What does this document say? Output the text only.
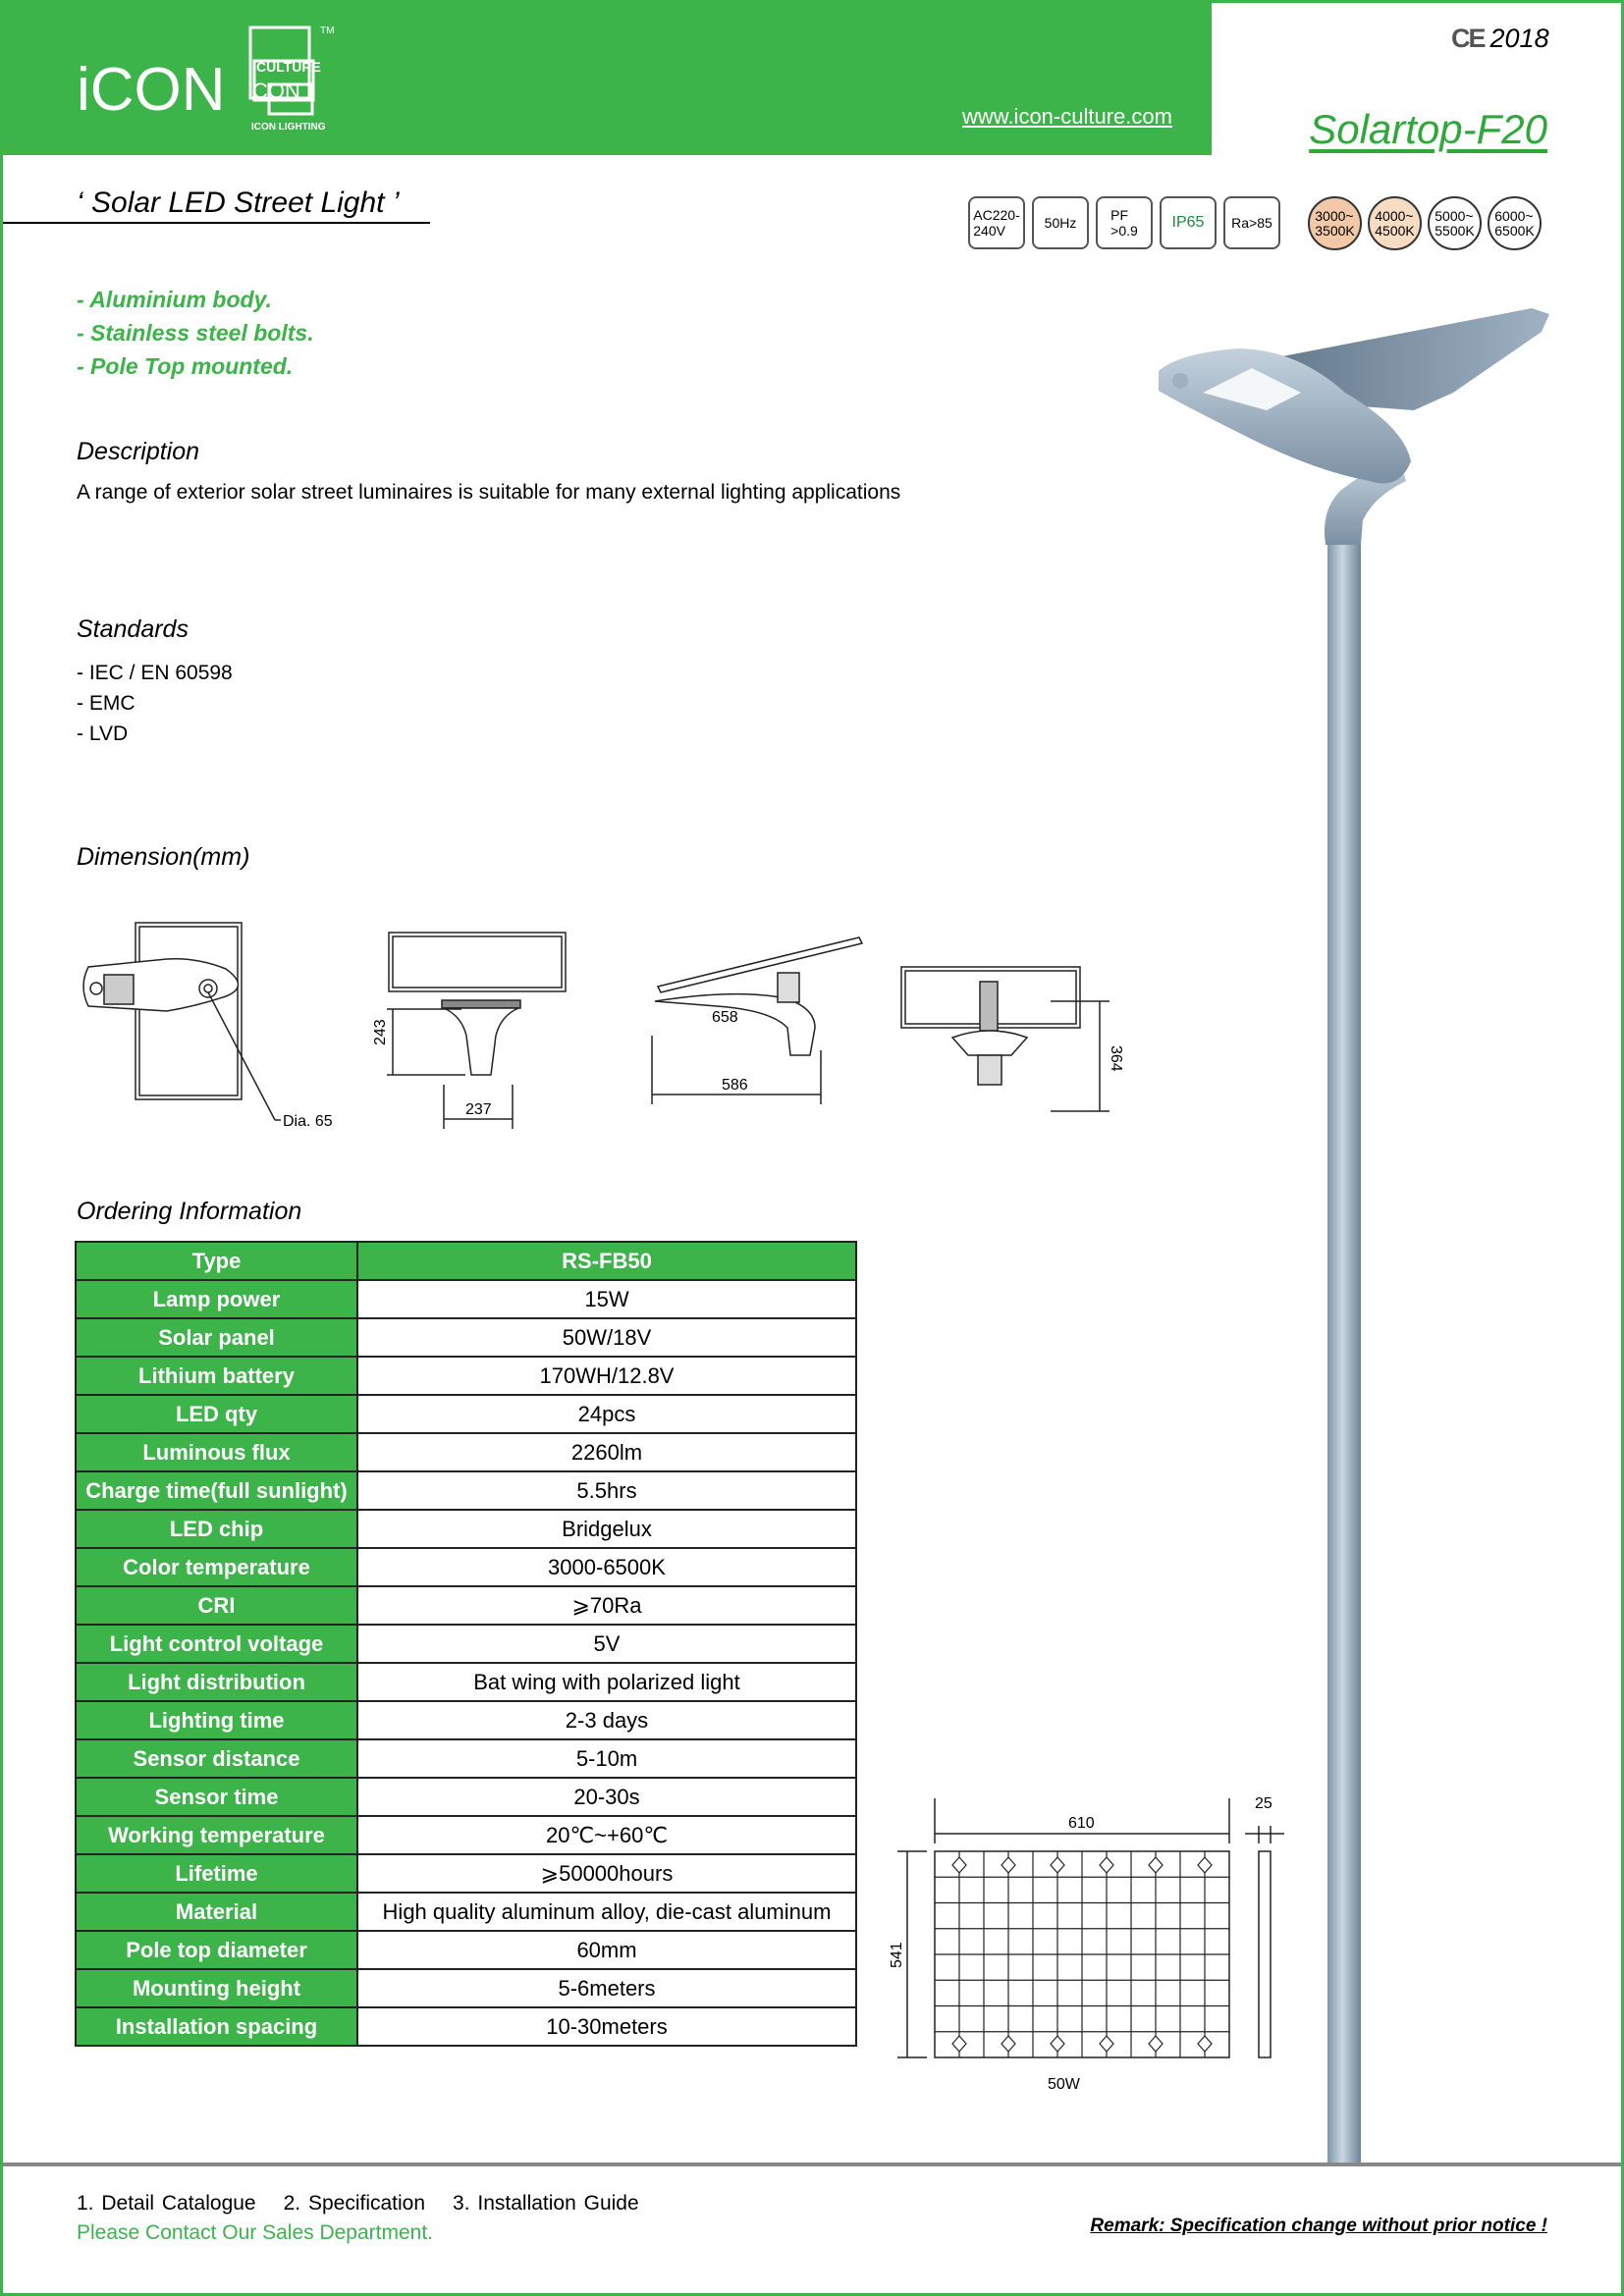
iCON CULTURE
CON
ICON LIGHTING
TM
www.icon-culture.com
CE 2018
Solartop-F20
‘ Solar LED Street Light ’	AC220-
240V	50Hz	PF
>0.9	IP65	Ra>85	3000~
3500K
4000~
4500K
5000~
5500K
6000~
6500K
- Aluminium body.
- Stainless steel bolts.
- Pole Top mounted.
Description
A range of exterior solar street luminaires is suitable for many external lighting applications
Standards
- IEC / EN 60598
- EMC
- LVD
Dimension(mm)
Dia. 65
243
237
658
586
364
Ordering Information
Type	RS-FB50
Lamp power	15W
Solar panel	50W/18V
Lithium battery	170WH/12.8V
LED qty	24pcs
Luminous flux	2260lm
Charge time(full sunlight)	5.5hrs
LED chip	Bridgelux
Color temperature	3000-6500K
CRI	⩾70Ra
Light control voltage	5V
Light distribution	Bat wing with polarized light
Lighting time	2-3 days
Sensor distance	5-10m
Sensor time	20-30s
Working temperature	20℃~+60℃
Lifetime	⩾50000hours
Material	High quality aluminum alloy, die-cast aluminum
Pole top diameter	60mm
Mounting height	5-6meters
Installation spacing	10-30meters
610
25
541
50W
1. Detail Catalogue 2. Specification 3. Installation Guide
Please Contact Our Sales Department.	Remark: Specification change without prior notice !
